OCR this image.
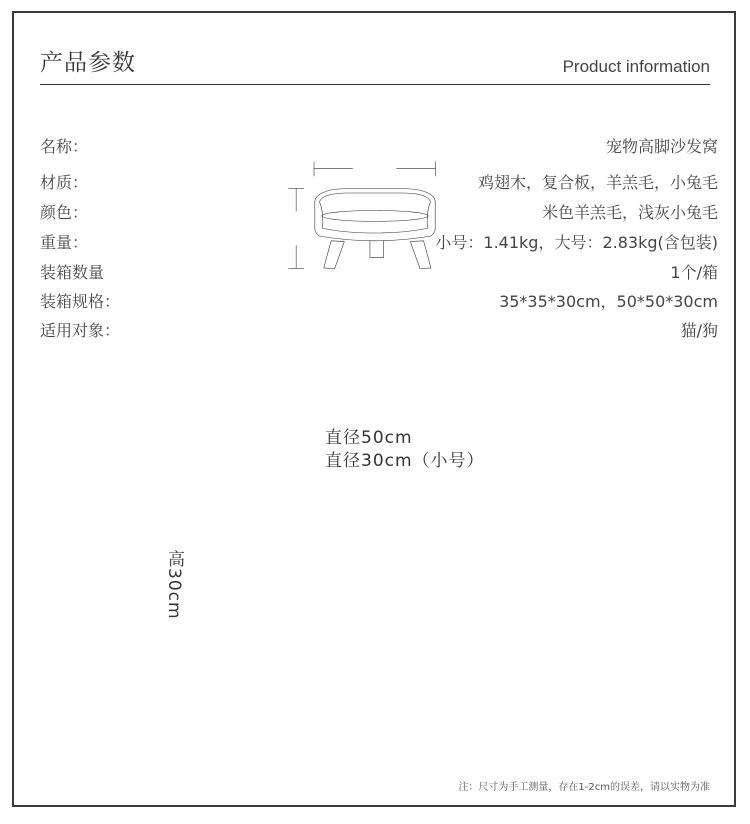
产品参数	Product information
名称：	宠物高脚沙发窝
材质：	鸡翅木，复合板，羊羔毛，小兔毛
颜色：	米色羊羔毛，浅灰小兔毛
重量：	小号：1.41kg，大号：2.83kg(含包装)
装箱数量	1个/箱
装箱规格：	35*35*30cm，50*50*30cm
适用对象：	猫/狗
直径50cm
直径30cm（小号）
高30cm
注：尺寸为手工测量，存在1-2cm的误差，请以实物为准
